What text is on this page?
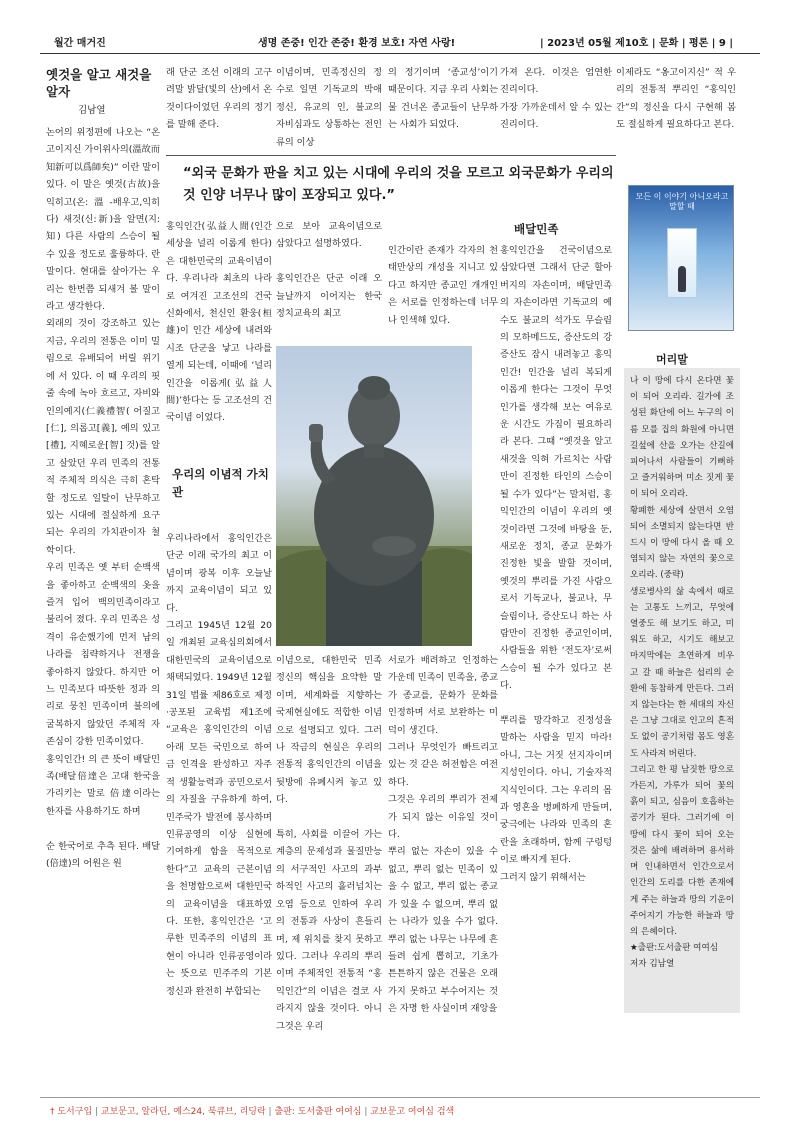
월간 매거진	생명 존중! 인간 존중! 환경 보호! 자연 사랑!	| 2023년 05월 제10호 | 문화 | 평론 | 9 |
옛것을 알고 새것을 알자
김남열
논어의 위정편에 나오는 “온고이지신 가이위사의(溫故而知新可以爲師矣)” 이란 말이 있다. 이 말은 옛것(古故)을 익히고(온:溫-배우고,익히다) 새것(신:新)을 알면(지:知) 다른 사람의 스승이 될 수 있을 정도로 훌륭하다. 란 말이다. 현대를 살아가는 우리는 한번쯤 되새겨 볼 말이라고 생각한다.
외래의 것이 강조하고 있는 지금, 우리의 전통은 이미 밀림으로 유배되어 버릴 위기에 서 있다. 이 때 우리의 핏줄 속에 녹아 흐르고, 자비와 인의예지(仁義禮智( 어질고[仁], 의롭고[義], 예의 있고[禮], 지혜로운[智] 것)를 알고 살았던 우리 민족의 전통적 주체적 의식은 극히 혼탁할 정도로 일탈이 난무하고 있는 시대에 절실하게 요구되는 우리의 가치관이자 철학이다.
우리 민족은 옛 부터 순백색을 좋아하고 순백색의 옷을 즐겨 입어 백의민족이라고 불리어 졌다. 우리 민족은 성격이 유순했기에 먼저 남의 나라를 침략하거나 전쟁을 좋아하지 않았다. 하지만 어느 민족보다 따뜻한 정과 의리로 뭉친 민족이며 불의에 굴복하지 않았던 주체적 자존심이 강한 민족이었다.
홍익인간! 의 큰 뜻이 배달민족(배달倍達은 고대 한국을 가리키는 말로 倍達이라는 한자를 사용하기도 하며

순 한국어로 추측 된다. 배달(倍達)의 어원은 원
래 단군 조선 이래의 고구려말 밝달(빛의 산)에서 온 것이다이었던 우리의 정기를 말해 준다.
홍익인간(弘益人間(인간 세상을 널리 이롭게 한다)은 대한민국의 교육이념이다. 우리나라 최초의 나라로 여겨진 고조선의 건국신화에서, 천신인 환웅(桓雄)이 인간 세상에 내려와 시조 단군을 낳고 나라를 열게 되는데, 이때에 ‘널리 인간을 이롭게(弘益人間)’한다는 등 고조선의 건국이념 이었다.
우리의 이념적 가치관
우리나라에서 홍익인간은 단군 이래 국가의 최고 이념이며 광복 이후 오늘날까지 교육이념이 되고 있다.
그리고 1945년 12월 20일 개최된 교육심의회에서 대한민국의 교육이념으로 채택되었다. 1949년 12월 31일 법률 제86호로 제정·공포된 교육법 제1조에 “교육은 홍익인간의 이념아래 모든 국민으로 하여금 인격을 완성하고 자주적 생활능력과 공민으로서의 자질을 구유하게 하여, 민주국가 발전에 봉사하며 인류공영의 이상 실현에 기여하게 함을 목적으로 한다”고 교육의 근본이념을 천명함으로써 대한민국의 교육이념을 대표하였다. 또한, 홍익인간은 ‘고루한 민족주의 이념의 표현이 아니라 인류공영이라는 뜻으로 민주주의 기본정신과 완전히 부합되는
이념이며, 민족정신의 정수로 일면 기독교의 박애정신, 유교의 인, 불교의 자비심과도 상통하는 전인류의 이상
으로 보아 교육이념으로 삼았다고 설명하였다.

홍익인간은 단군 이래 오늘날까지 이어지는 한국 정치교육의 최고
이념으로, 대한민국 민족정신의 핵심을 요약한 말이며, 세계화를 지향하는 국제현실에도 적합한 이념으로 설명되고 있다. 그러나 작금의 현실은 우리의 전통적 홍익인간의 이념을 뒷방에 유폐시켜 놓고 있다.

특히, 사회를 이끌어 가는 계층의 문제성과 물질만능의 서구적인 사고의 과부하적인 사고의 흘러넘치는 오염 등으로 인하여 우리의 전통과 사상이 흔들리며, 제 위치를 찾지 못하고 있다. 그러나 우리의 뿌리이며 주체적인 전통적 “홍익인간”의 이념은 결코 사라지지 않을 것이다. 아니 그것은 우리
의 정기이며 ‘종교성’이기 때문이다. 지금 우리 사회는 물 건너온 종교들이 난무하는 사회가 되었다.
인간이란 존재가 각자의 천태만상의 개성을 지니고 있다고 하지만 종교인 개개인은 서로를 인정하는데 너무나 인색해 있다.
서로가 배려하고 인정하는 가운데 민족이 민족을, 종교가 종교를, 문화가 문화를 인정하며 서로 보완하는 미덕이 생긴다.
그러나 무엇인가 빠트리고 있는 것 같은 허전함은 여전하다.
그것은 우리의 뿌리가 전제가 되지 않는 이유일 것이다.
뿌리 없는 자손이 있을 수 없고, 뿌리 없는 민족이 있을 수 없고, 뿌리 없는 종교가 있을 수 없으며, 뿌리 없는 나라가 있을 수가 없다. 뿌리 없는 나무는 나무에 흔들려 쉽게 뽑히고, 기초가 튼튼하지 않은 건물은 오래가지 못하고 부수어지는 것은 자명 한 사실이며 재앙을
가져 온다. 이것은 엄연한 진리이다.
가장 가까운데서 알 수 있는 진리이다.
배달민족
홍익인간을 건국이념으로 삼았다면 그래서 단군 할아버지의 자손이며, 배달민족의 자손이라면 기독교의 예수도 불교의 석가도 무슬림의 모하메드도, 증산도의 강증산도 잠시 내려놓고 홍익인간! 인간을 널리 복되게 이롭게 한다는 그것이 무엇인가를 생각해 보는 여유로운 시간도 가짐이 필요하리라 본다. 그때 “옛것을 알고 새것을 익혀 가르치는 사람만이 진정한 타인의 스승이 될 수가 있다”는 말처럼, 홍익인간의 이념이 우리의 옛것이라면 그것에 바탕을 둔, 새로운 정치, 종교 문화가 진정한 빛을 발할 것이며, 옛것의 뿌리를 가진 사람으로서 기독교나, 불교나, 무슬림이나, 증산도니 하는 사람만이 진정한 종교인이며, 사람들을 위한 ‘전도자’로써 스승이 될 수가 있다고 본다.

뿌리를 망각하고 진정성을 말하는 사람을 믿지 마라! 아니, 그는 거짓 선지자이며 지성인이다. 아니, 기술자적 지식인이다. 그는 우리의 몸과 영혼을 병폐하게 만들며, 궁극에는 나라와 민족의 혼란을 초래하며, 함께 구렁텅이로 빠지게 된다.
그러지 않기 위해서는
이제라도 “옹고이지신” 적 우리의 전통적 뿌리인 “홍익인간”의 정신을 다시 구현해 봄도 절실하게 필요하다고 본다.
“외국 문화가 판을 치고 있는 시대에 우리의 것을 모르고 외국문화가 우리의 것 인양 너무나 많이 포장되고 있다.”	모든 이 이야기 아니오라고 말할 때
머리말
나 이 땅에 다시 온다면 꽃이 되어 오리라. 길가에 조성된 화단에 어느 누구의 이름 모를 집의 화원에 아니면 길섶에 산을 오가는 산길에 피어나서 사람들이 기뻐하고 즐거워하며 미소 짓게 꽃이 되어 오리라.
황폐한 세상에 살면서 오염되어 소멸되지 않는다면 반드시 이 땅에 다시 올 때 오염되지 않는 자연의 꽃으로 오리라. (중략)
생로병사의 삶 속에서 때로는 고통도 느끼고, 무엇에 열중도 해 보기도 하고, 미워도 하고, 시기도 해보고 마지막에는 초연하게 비우고 갈 때 하늘은 섭리의 순환에 동참하게 만든다. 그러지 않는다는 한 세대의 자신은 그냥 그대로 인고의 흔적도 없이 공기처럼 몸도 영혼도 사라져 버린다.
그리고 한 평 남짓한 땅으로 가든지, 가루가 되어 꽃의 흙이 되고, 심음이 호흡하는 공기가 된다. 그러기에 이 땅에 다시 꽃이 되어 오는 것은 삶에 배려하며 용서하며 인내하면서 인간으로서 인간의 도리를 다한 존재에게 주는 하늘과 땅의 기운이 주어지기 가능한 하늘과 땅의 은혜이다.
★출판:도서출판 여여심
저자 김남열
† 도서구입 | 교보문고, 알라딘, 예스24, 북큐브, 리딩락 | 출판: 도서출판 여여심 | 교보문고 여여심 검색
